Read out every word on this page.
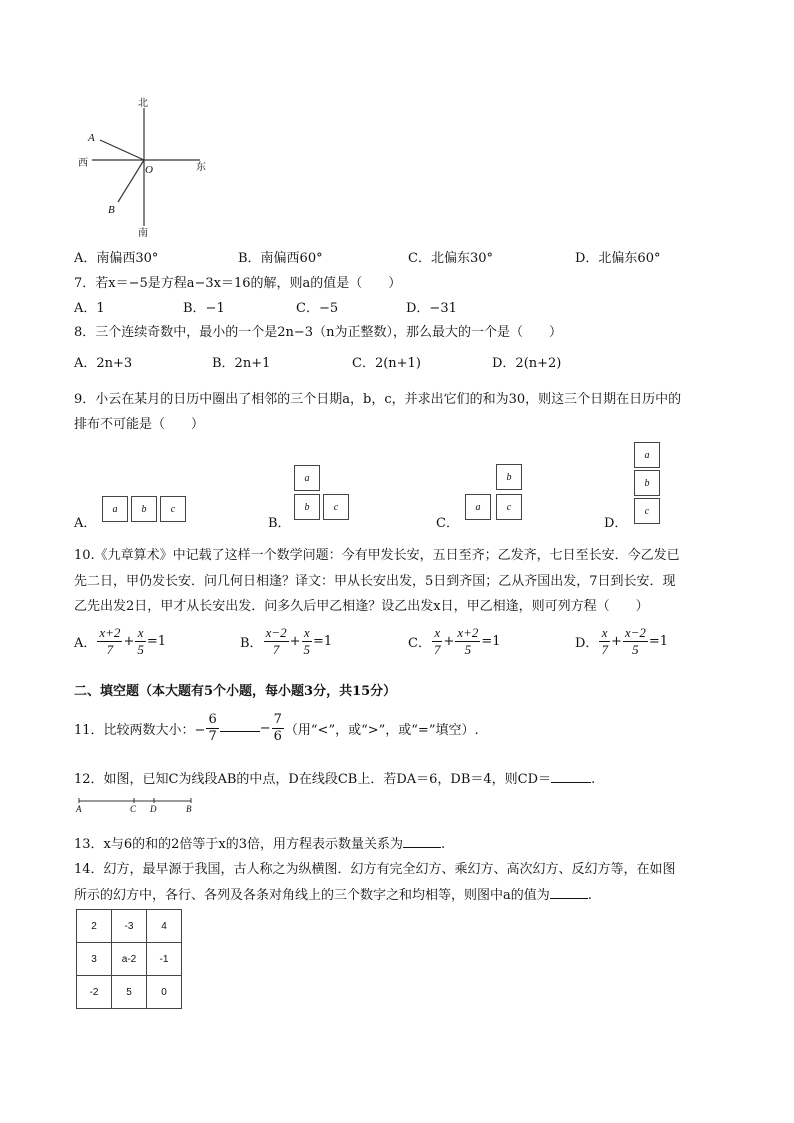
北
南
西	东
A
B
O
A．南偏西30°	B．南偏西60°	C．北偏东30°	D．北偏东60°
7．若x＝−5是方程a−3x＝16的解，则a的值是（　　）
A．1	B．−1	C．−5	D．−31
8．三个连续奇数中，最小的一个是2n−3（n为正整数），那么最大的一个是（　　）
A．2n+3	B．2n+1	C．2(n+1)	D．2(n+2)
9．小云在某月的日历中圈出了相邻的三个日期a，b，c，并求出它们的和为30，则这三个日期在日历中的
排布不可能是（　　）
A．
a	b	c
B．
a
b	c
C．
b
a	c
D．
a
b
c
10.《九章算术》中记载了这样一个数学问题：今有甲发长安，五日至齐；乙发齐，七日至长安．今乙发已
先二日，甲仍发长安．问几何日相逢？译文：甲从长安出发，5日到齐国；乙从齐国出发，7日到长安．现
乙先出发2日，甲才从长安出发．问多久后甲乙相逢？设乙出发x日，甲乙相逢，则可列方程（　　）
A． $\frac{x+2}{7} + \frac{x}{5} =1$	B． $\frac{x-2}{7} + \frac{x}{5} =1$	C． $\frac{x}{7} + \frac{x+2}{5} =1$	D． $\frac{x}{7} + \frac{x-2}{5} =1$
二、填空题（本大题有5个小题，每小题3分，共15分）
11．比较两数大小：− $\frac{6}{7}$	− $\frac{7}{6}$ （用“<”，或“>”，或“=”填空）.
12．如图，已知C为线段AB的中点，D在线段CB上．若DA＝6，DB＝4，则CD＝	.
A	C D	B
13．x与6的和的2倍等于x的3倍，用方程表示数量关系为	.
14．幻方，最早源于我国，古人称之为纵横图．幻方有完全幻方、乘幻方、高次幻方、反幻方等，在如图
所示的幻方中，各行、各列及各条对角线上的三个数字之和均相等，则图中a的值为	.
2	-3	4
3	a-2	-1
-2	5	0
